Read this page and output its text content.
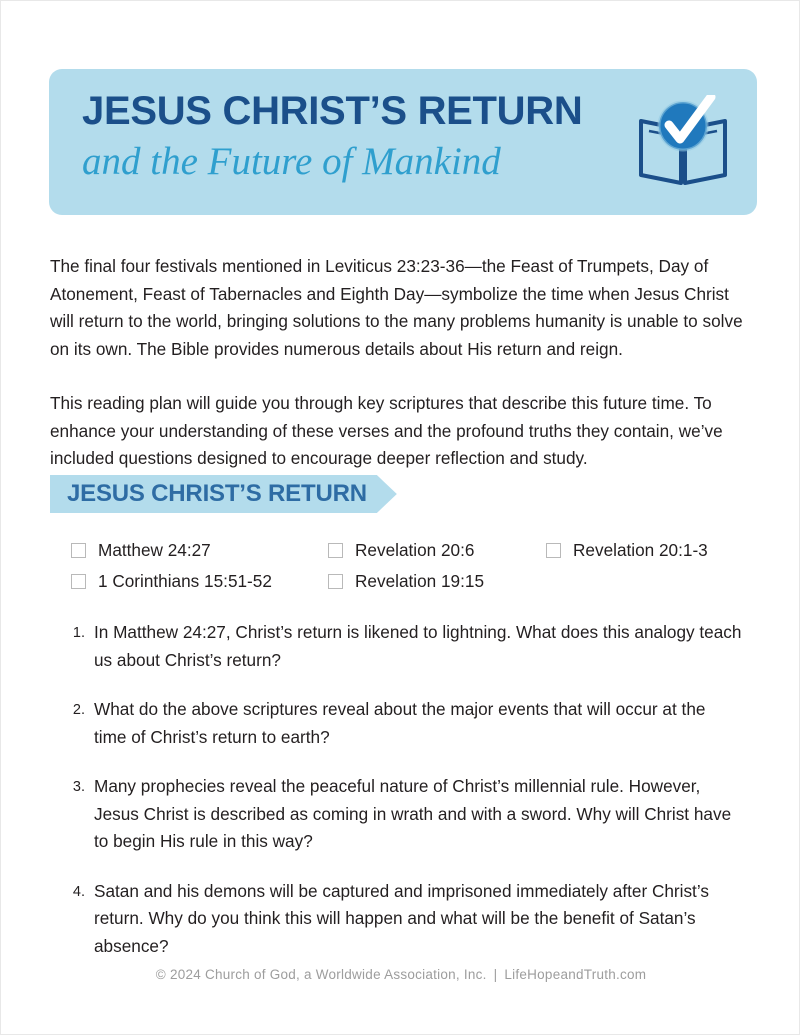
JESUS CHRIST’S RETURN
and the Future of Mankind

The final four festivals mentioned in Leviticus 23:23-36—the Feast of Trumpets, Day of Atonement, Feast of Tabernacles and Eighth Day—symbolize the time when Jesus Christ will return to the world, bringing solutions to the many problems humanity is unable to solve on its own. The Bible provides numerous details about His return and reign.

This reading plan will guide you through key scriptures that describe this future time. To enhance your understanding of these verses and the profound truths they contain, we’ve included questions designed to encourage deeper reflection and study.

JESUS CHRIST’S RETURN
Matthew 24:27	Revelation 20:6	Revelation 20:1-3
1 Corinthians 15:51-52	Revelation 19:15
1. In Matthew 24:27, Christ’s return is likened to lightning. What does this analogy teach us about Christ’s return?
2. What do the above scriptures reveal about the major events that will occur at the time of Christ’s return to earth?
3. Many prophecies reveal the peaceful nature of Christ’s millennial rule. However, Jesus Christ is described as coming in wrath and with a sword. Why will Christ have to begin His rule in this way?
4. Satan and his demons will be captured and imprisoned immediately after Christ’s return. Why do you think this will happen and what will be the benefit of Satan’s absence?
© 2024 Church of God, a Worldwide Association, Inc. | LifeHopeandTruth.com
